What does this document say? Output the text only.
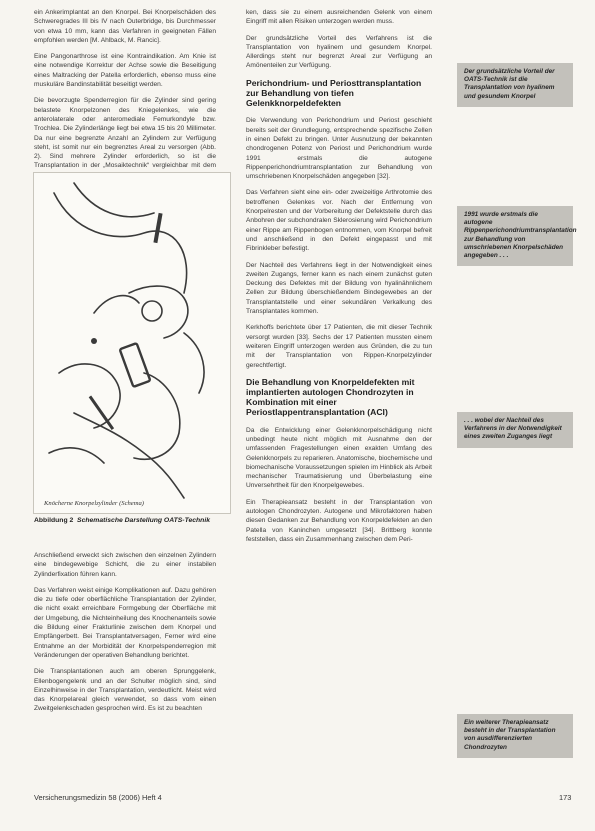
ein Ankerimplantat an den Knorpel. Bei Knorpelschäden des Schweregrades III bis IV nach Outerbridge, bis Durchmesser von etwa 10 mm, kann das Verfahren in geeigneten Fällen empfohlen werden [M. Ahlback, M. Rancic].

Eine Pangonarthrose ist eine Kontraindikation. Am Knie ist eine notwendige Korrektur der Achse sowie die Beseitigung eines Maltracking der Patella erforderlich, ebenso muss eine muskuläre Bandinstabilität beseitigt werden.

Die bevorzugte Spenderregion für die Zylinder sind gering belastete Knorpelzonen des Kniegelenkes, wie die anterolaterale oder anteromediale Femurkondyle bzw. Trochlea. Die Zylinderlänge liegt bei etwa 15 bis 20 Millimeter. Da nur eine begrenzte Anzahl an Zylindern zur Verfügung steht, ist somit nur ein begrenztes Areal zu versorgen (Abb. 2). Sind mehrere Zylinder erforderlich, so ist die Transplantation in der „Mosaiktechnik“ vergleichbar mit dem

Knöcherne Knorpelzylinder (Schema)
Abbildung 2 Schematische Darstellung OATS-Technik

Anschließend erweckt sich zwischen den einzelnen Zylindern eine bindegewebige Schicht, die zu einer instabilen Zylinderfixation führen kann.

Das Verfahren weist einige Komplikationen auf. Dazu gehören die zu tiefe oder oberflächliche Transplantation der Zylinder, die nicht exakt erreichbare Formgebung der Oberfläche mit der Umgebung, die Nichteinheilung des Knochenanteils sowie die Bildung einer Frakturlinie zwischen dem Knorpel und Empfängerbett. Bei Transplantatversagen, Ferner wird eine Entnahme an der Morbidität der Knorpelspenderregion mit Veränderungen der operativen Behandlung berichtet.

Die Transplantationen auch am oberen Sprunggelenk, Ellenbogengelenk und an der Schulter möglich sind, sind Einzelhinweise in der Transplantation, verdeutlicht. Meist wird das Knorpelareal gleich verwendet, so dass vom einen Zweitgelenkschaden gesprochen wird. Es ist zu beachten

ken, dass sie zu einem ausreichenden Gelenk von einem Eingriff mit allen Risiken unterzogen werden muss.

Der grundsätzliche Vorteil des Verfahrens ist die Transplantation von hyalinem und gesundem Knorpel. Allerdings steht nur begrenzt Areal zur Verfügung an Amönenteilen zur Verfügung.

Perichondrium- und Periosttransplantation zur Behandlung von tiefen Gelenkknorpeldefekten

Die Verwendung von Perichondrium und Periost geschieht bereits seit der Grundlegung, entsprechende spezifische Zellen in einen Defekt zu bringen. Unter Ausnutzung der bekannten chondrogenen Potenz von Periost und Perichondrium wurde 1991 erstmals die autogene Rippenperichondriumtransplantation zur Behandlung von umschriebenen Knorpelschäden angegeben [32].

Das Verfahren sieht eine ein- oder zweizeitige Arthrotomie des betroffenen Gelenkes vor. Nach der Entfernung von Knorpelresten und der Vorbereitung der Defektstelle durch das Anbohren der subchondralen Sklerosierung wird Perichondrium einer Rippe am Rippenbogen entnommen, vom Knorpel befreit und anschließend in den Defekt eingepasst und mit Fibrinkleber befestigt.

Der Nachteil des Verfahrens liegt in der Notwendigkeit eines zweiten Zugangs, ferner kann es nach einem zunächst guten Deckung des Defektes mit der Bildung von hyalinähnlichem Zellen zur Bildung überschießendem Bindegewebes an der Transplantatstelle und einer sekundären Verkalkung des Transplantates kommen.

Kerkhoffs berichtete über 17 Patienten, die mit dieser Technik versorgt wurden [33]. Sechs der 17 Patienten mussten einem weiteren Eingriff unterzogen werden aus Gründen, die zu tun mit der Transplantation von Rippen-Knorpelzylinder gerechtfertigt.

Die Behandlung von Knorpeldefekten mit implantierten autologen Chondrozyten in Kombination mit einer Periostlappentransplantation (ACI)

Da die Entwicklung einer Gelenkknorpelschädigung nicht unbedingt heute nicht möglich mit Ausnahme den der umfassenden Fragestellungen einen exakten Umfang des Gelenkknorpels zu reparieren. Anatomische, biochemische und biomechanische Voraussetzungen spielen im Hinblick als Arbeit mechanischer Traumatisierung und Überbelastung eine Unversehrtheit für den Knorpelgewebes.

Ein Therapieansatz besteht in der Transplantation von autologen Chondrozyten. Autogene und Mikrofaktoren haben diesen Gedanken zur Behandlung von Knorpeldefekten an den Patella von Kaninchen umgesetzt [34]. Brittberg konnte feststellen, dass ein Zusammenhang zwischen dem Peri-

Der grundsätzliche Vorteil der OATS-Technik ist die Transplantation von hyalinem und gesundem Knorpel
1991 wurde erstmals die autogene Rippenperichondriumtransplantation zur Behandlung von umschriebenen Knorpelschäden angegeben . . .
. . . wobei der Nachteil des Verfahrens in der Notwendigkeit eines zweiten Zuganges liegt
Ein weiterer Therapieansatz besteht in der Transplantation von ausdifferenzierten Chondrozyten
Versicherungsmedizin 58 (2006) Heft 4	173
